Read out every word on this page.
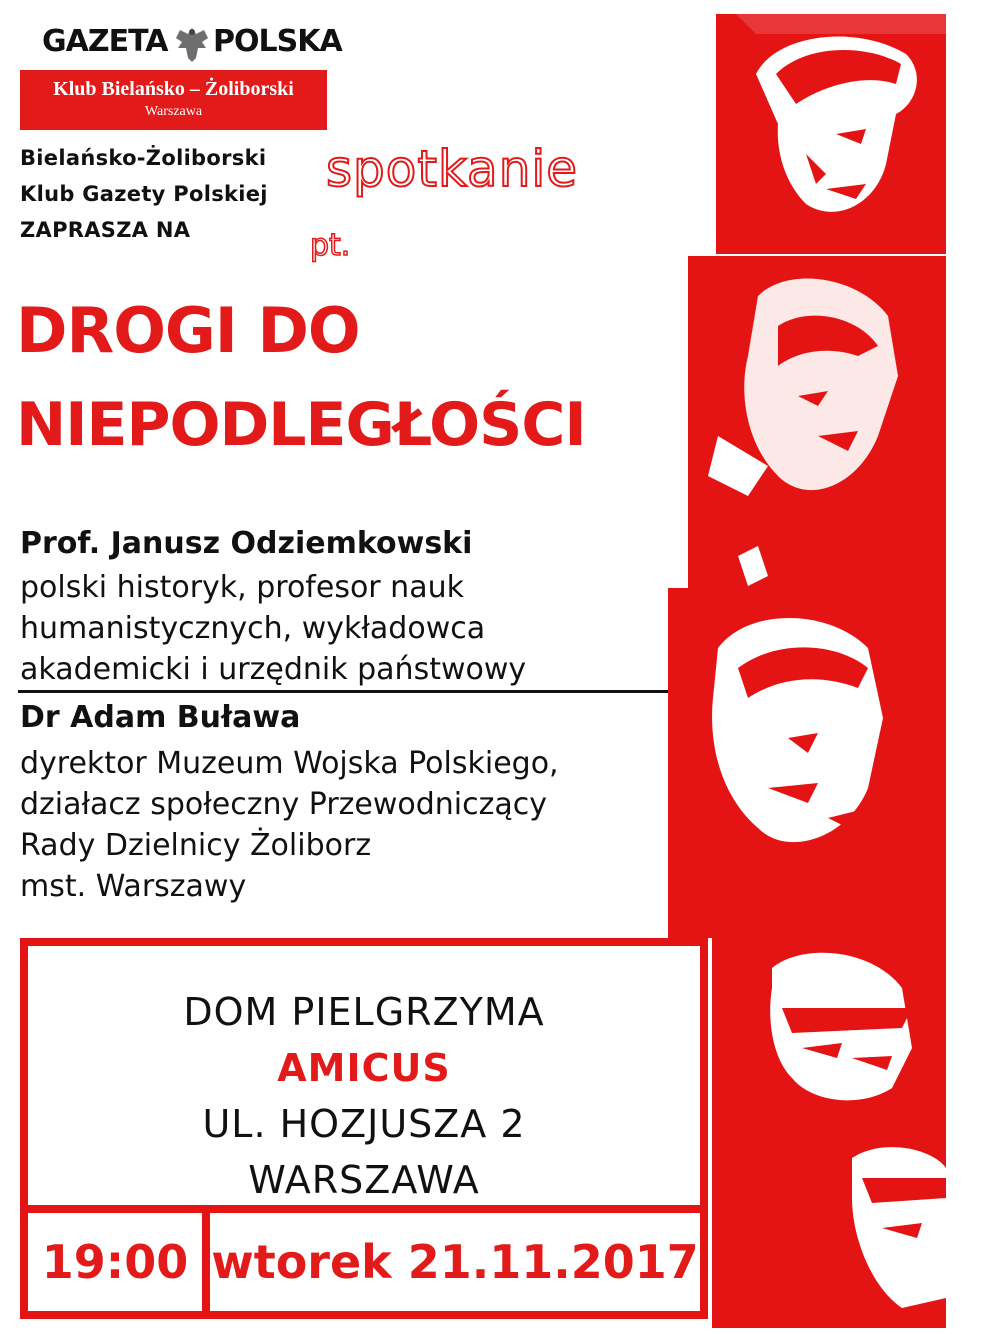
GAZETA POLSKA
Klub Bielańsko – Żoliborski
Warszawa
Bielańsko-Żoliborski
Klub Gazety Polskiej
ZAPRASZA NA
spotkanie
pt.
DROGI DO
NIEPODLEGŁOŚCI
Prof. Janusz Odziemkowski
polski historyk, profesor nauk
humanistycznych, wykładowca
akademicki i urzędnik państwowy
Dr Adam Buława
dyrektor Muzeum Wojska Polskiego,
działacz społeczny Przewodniczący
Rady Dzielnicy Żoliborz
mst. Warszawy
DOM PIELGRZYMA
AMICUS
UL. HOZJUSZA 2
WARSZAWA
19:00 wtorek 21.11.2017
